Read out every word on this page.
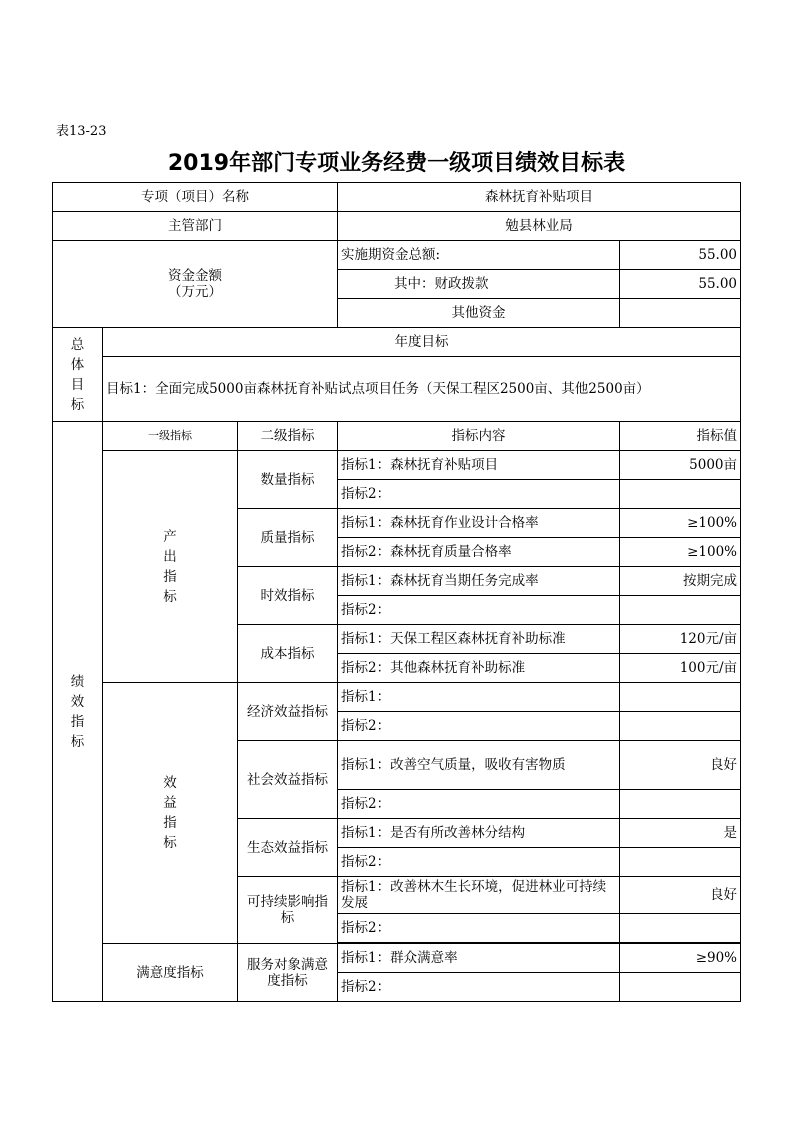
表13-23
2019年部门专项业务经费一级项目绩效目标表
专项（项目）名称			森林抚育补贴项目	
主管部门			勉县林业局	

资金金额
（万元）			实施期资金总额:	55.00
			其中：财政拨款	55.00
			其他资金	
总体目标	年度目标			
	目标1：全面完成5000亩森林抚育补贴试点项目任务（天保工程区2500亩、其他2500亩）			
绩效指标	一级指标	二级指标	指标内容	指标值
	产出指标	数量指标	指标1：森林抚育补贴项目	5000亩
			指标2：	
		质量指标	指标1：森林抚育作业设计合格率	≥100%
			指标2：森林抚育质量合格率	≥100%
		时效指标	指标1：森林抚育当期任务完成率	按期完成
			指标2：	
		成本指标	指标1：天保工程区森林抚育补助标准	120元/亩
			指标2：其他森林抚育补助标准	100元/亩
	效益指标	经济效益指标	指标1：	
			指标2：	
		社会效益指标	指标1：改善空气质量，吸收有害物质	良好
			指标2：	
		生态效益指标	指标1：是否有所改善林分结构	是
			指标2：	
		可持续影响指标	指标1：改善林木生长环境，促进林业可持续发展	良好
			指标2：	

	满意度指标	服务对象满意度指标	指标1：群众满意率	≥90%
			指标2：	
